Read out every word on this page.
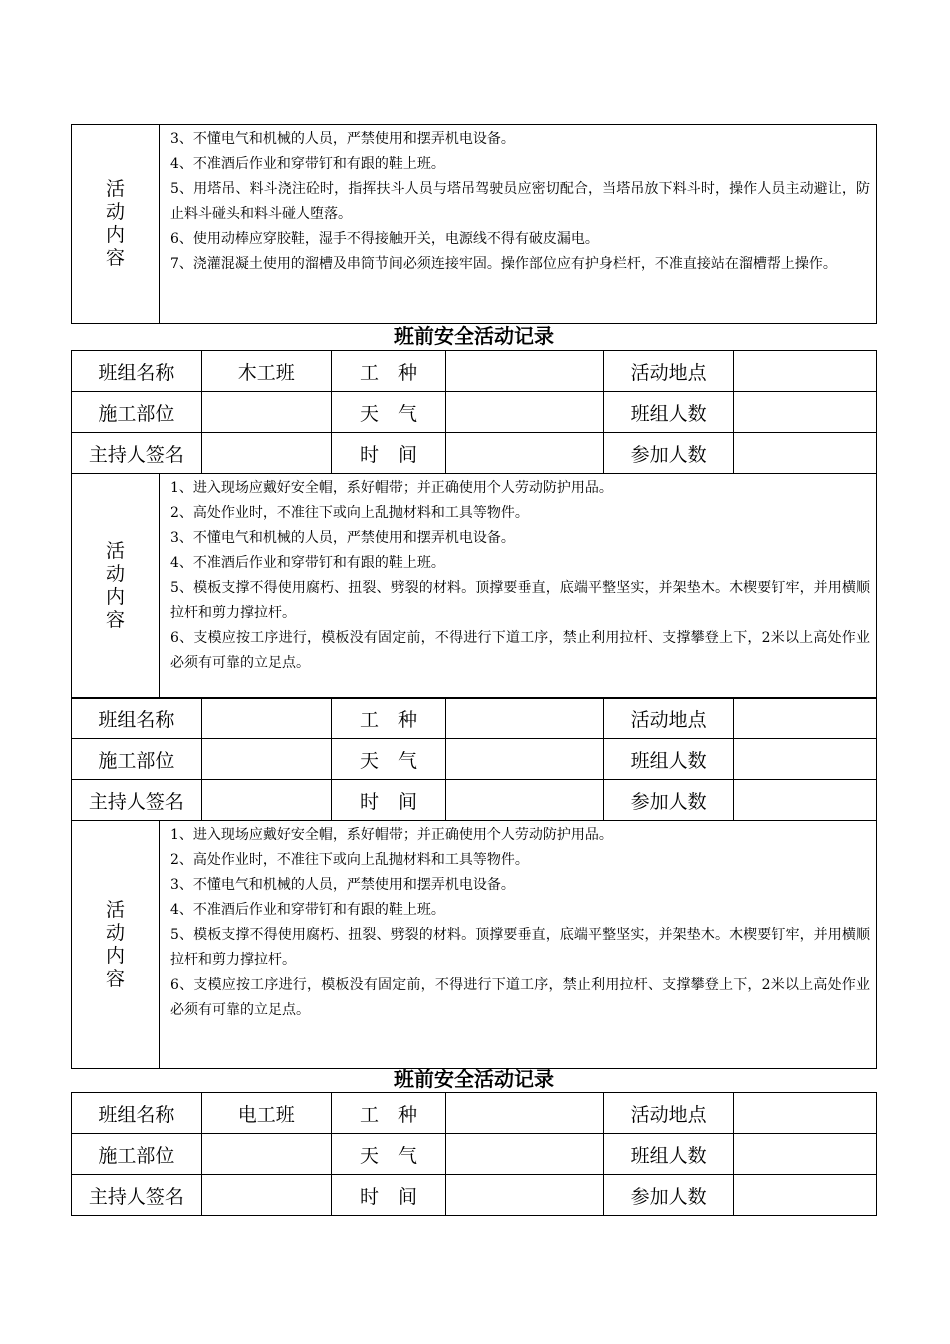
活
动
内
容

3、不懂电气和机械的人员，严禁使用和摆弄机电设备。
4、不准酒后作业和穿带钉和有跟的鞋上班。
5、用塔吊、料斗浇注砼时，指挥扶斗人员与塔吊驾驶员应密切配合，当塔吊放下料斗时，操作人员主动避让，防止料斗碰头和料斗碰人堕落。
6、使用动棒应穿胶鞋，湿手不得接触开关，电源线不得有破皮漏电。
7、浇灌混凝土使用的溜槽及串筒节间必须连接牢固。操作部位应有护身栏杆，不准直接站在溜槽帮上操作。
班前安全活动记录
班组名称	木工班	工　种		活动地点	
施工部位		天　气		班组人数	
主持人签名		时　间		参加人数	
活
动
内
容

1、进入现场应戴好安全帽，系好帽带；并正确使用个人劳动防护用品。
2、高处作业时，不准往下或向上乱抛材料和工具等物件。
3、不懂电气和机械的人员，严禁使用和摆弄机电设备。
4、不准酒后作业和穿带钉和有跟的鞋上班。
5、模板支撑不得使用腐朽、扭裂、劈裂的材料。顶撑要垂直，底端平整坚实，并架垫木。木楔要钉牢，并用横顺拉杆和剪力撑拉杆。
6、支模应按工序进行，模板没有固定前，不得进行下道工序，禁止利用拉杆、支撑攀登上下，2米以上高处作业必须有可靠的立足点。
班组名称		工　种		活动地点	
施工部位		天　气		班组人数	
主持人签名		时　间		参加人数	
活
动
内
容

1、进入现场应戴好安全帽，系好帽带；并正确使用个人劳动防护用品。
2、高处作业时，不准往下或向上乱抛材料和工具等物件。
3、不懂电气和机械的人员，严禁使用和摆弄机电设备。
4、不准酒后作业和穿带钉和有跟的鞋上班。
5、模板支撑不得使用腐朽、扭裂、劈裂的材料。顶撑要垂直，底端平整坚实，并架垫木。木楔要钉牢，并用横顺拉杆和剪力撑拉杆。
6、支模应按工序进行，模板没有固定前，不得进行下道工序，禁止利用拉杆、支撑攀登上下，2米以上高处作业必须有可靠的立足点。
班前安全活动记录
班组名称	电工班	工　种		活动地点	
施工部位		天　气		班组人数	
主持人签名		时　间		参加人数	
